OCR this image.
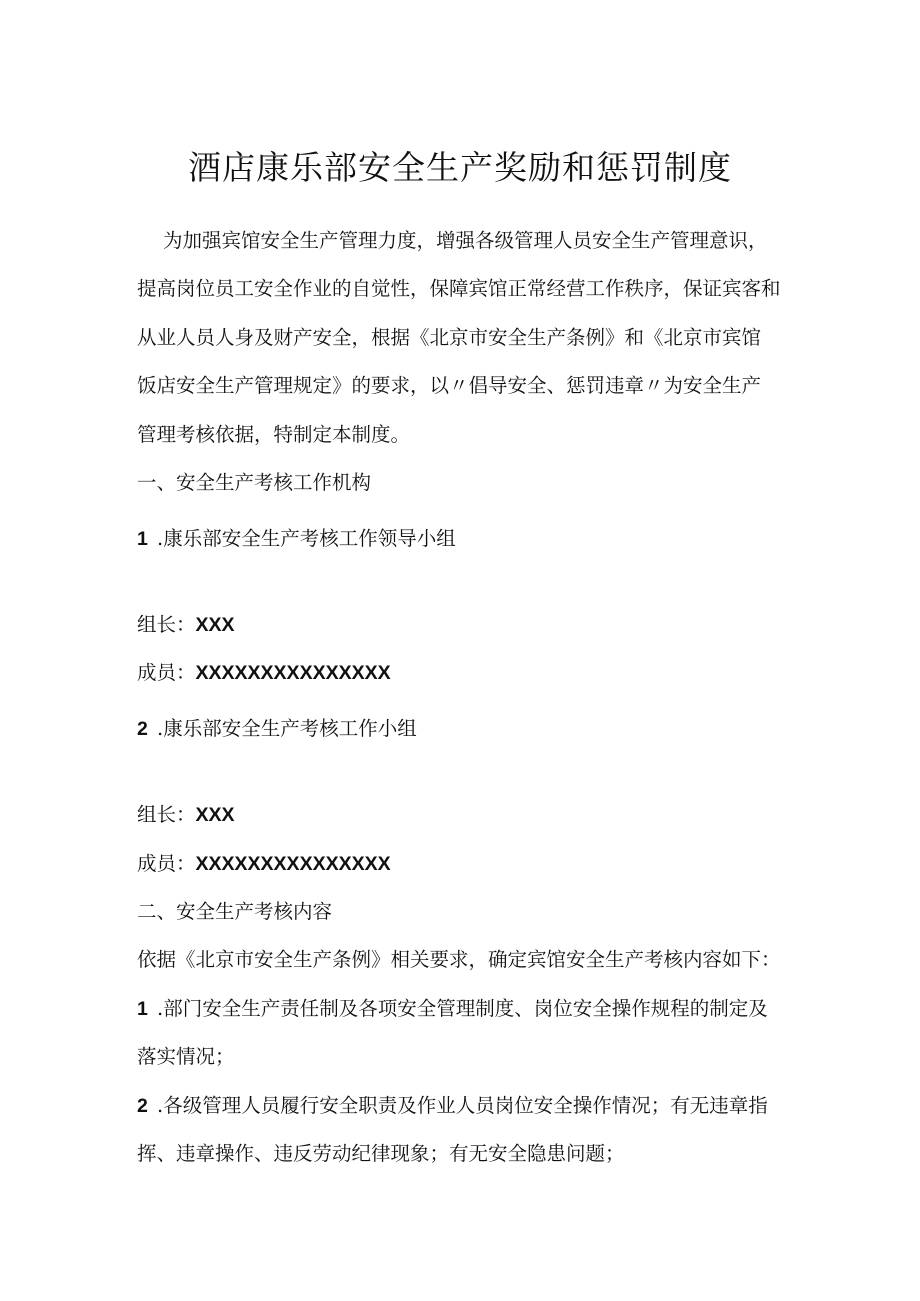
酒店康乐部安全生产奖励和惩罚制度
为加强宾馆安全生产管理力度，增强各级管理人员安全生产管理意识，
提高岗位员工安全作业的自觉性，保障宾馆正常经营工作秩序，保证宾客和
从业人员人身及财产安全，根据《北京市安全生产条例》和《北京市宾馆
饭店安全生产管理规定》的要求，以〃倡导安全、惩罚违章〃为安全生产
管理考核依据，特制定本制度。
一、安全生产考核工作机构
1 .康乐部安全生产考核工作领导小组
组长：XXX
成员：XXXXXXXXXXXXXXX
2 .康乐部安全生产考核工作小组
组长：XXX
成员：XXXXXXXXXXXXXXX
二、安全生产考核内容
依据《北京市安全生产条例》相关要求，确定宾馆安全生产考核内容如下：
1 .部门安全生产责任制及各项安全管理制度、岗位安全操作规程的制定及
落实情况；
2 .各级管理人员履行安全职责及作业人员岗位安全操作情况；有无违章指
挥、违章操作、违反劳动纪律现象；有无安全隐患问题；
